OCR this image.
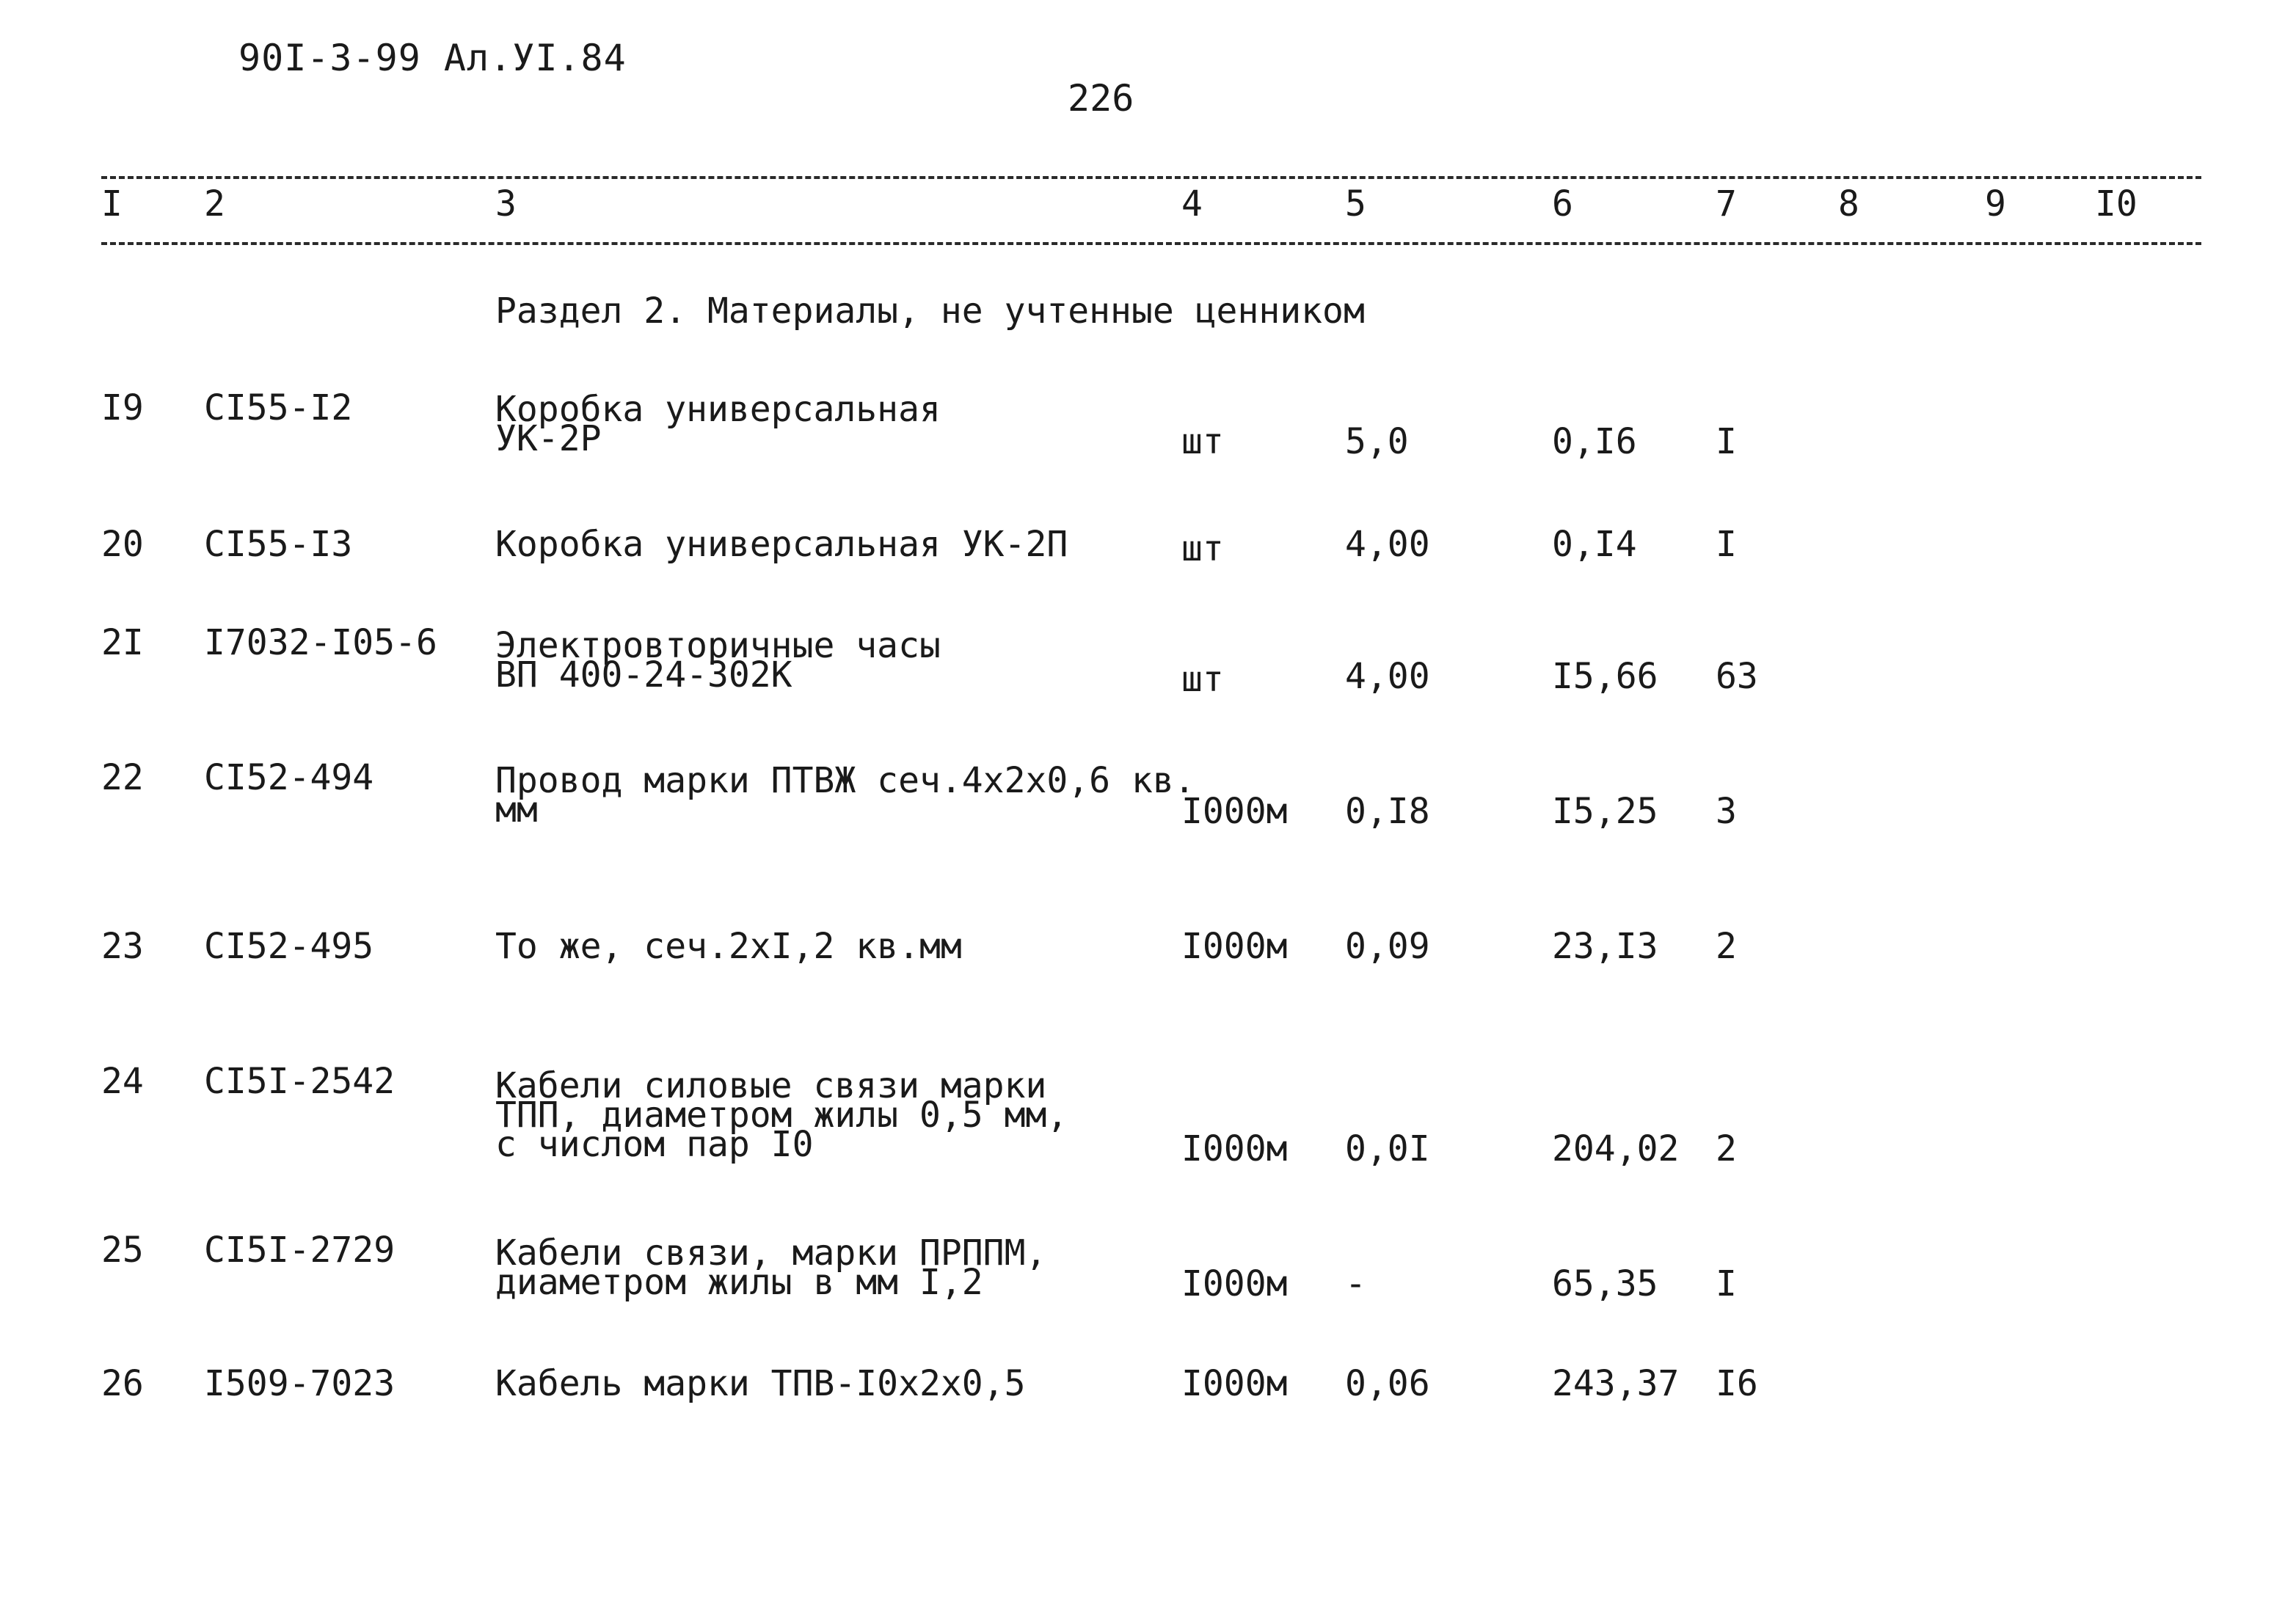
90I-3-99 Ал.УI.84
226
I 2	3	4	5	6	7	8	9	I0
Раздел 2. Материалы, не учтенные ценником
I9 CI55-I2	Коробка универсальная
УК-2Р	шт	5,0	0,I6 I
20 CI55-I3	Коробка универсальная УК-2П	шт	4,00	0,I4 I
2I I7032-I05-6 Электровторичные часы
ВП 400-24-302К	шт	4,00	I5,66 63
22 CI52-494	Провод марки ПТВЖ сеч.4x2x0,6 кв.
мм	I000м 0,I8	I5,25 3
23 CI52-495	То же, сеч.2xI,2 кв.мм	I000м 0,09	23,I3 2
24 CI5I-2542	Кабели силовые связи марки
ТПП, диаметром жилы 0,5 мм,
с числом пар I0	I000м 0,0I	204,02 2
25 CI5I-2729	Кабели связи, марки ПРППМ,
диаметром жилы в мм I,2	I000м -	65,35 I
26 I509-7023	Кабель марки ТПВ-I0x2x0,5	I000м 0,06	243,37 I6
